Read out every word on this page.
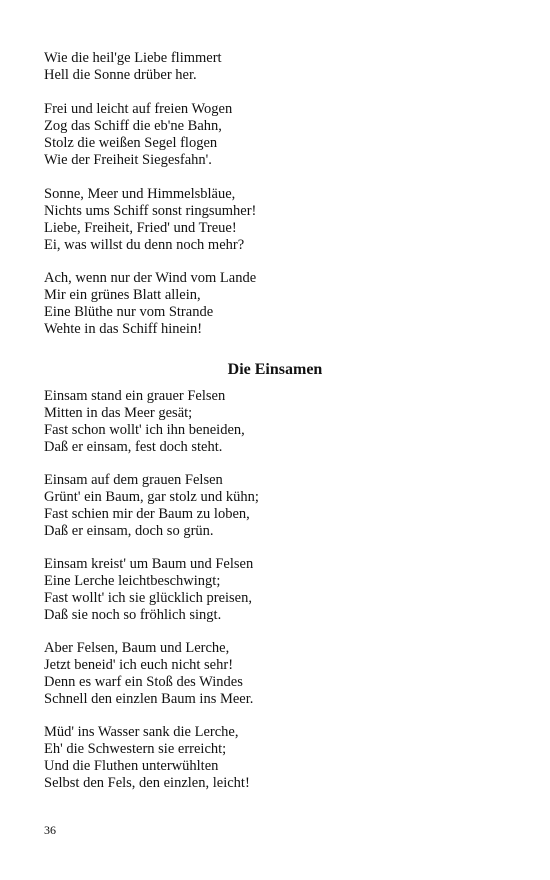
Wie die heil'ge Liebe flimmert
Hell die Sonne drüber her.
Frei und leicht auf freien Wogen
Zog das Schiff die eb'ne Bahn,
Stolz die weißen Segel flogen
Wie der Freiheit Siegesfahn'.
Sonne, Meer und Himmelsbläue,
Nichts ums Schiff sonst ringsumher!
Liebe, Freiheit, Fried' und Treue!
Ei, was willst du denn noch mehr?
Ach, wenn nur der Wind vom Lande
Mir ein grünes Blatt allein,
Eine Blüthe nur vom Strande
Wehte in das Schiff hinein!
Die Einsamen
Einsam stand ein grauer Felsen
Mitten in das Meer gesät;
Fast schon wollt' ich ihn beneiden,
Daß er einsam, fest doch steht.
Einsam auf dem grauen Felsen
Grünt' ein Baum, gar stolz und kühn;
Fast schien mir der Baum zu loben,
Daß er einsam, doch so grün.
Einsam kreist' um Baum und Felsen
Eine Lerche leichtbeschwingt;
Fast wollt' ich sie glücklich preisen,
Daß sie noch so fröhlich singt.
Aber Felsen, Baum und Lerche,
Jetzt beneid' ich euch nicht sehr!
Denn es warf ein Stoß des Windes
Schnell den einzlen Baum ins Meer.
Müd' ins Wasser sank die Lerche,
Eh' die Schwestern sie erreicht;
Und die Fluthen unterwühlten
Selbst den Fels, den einzlen, leicht!
36
